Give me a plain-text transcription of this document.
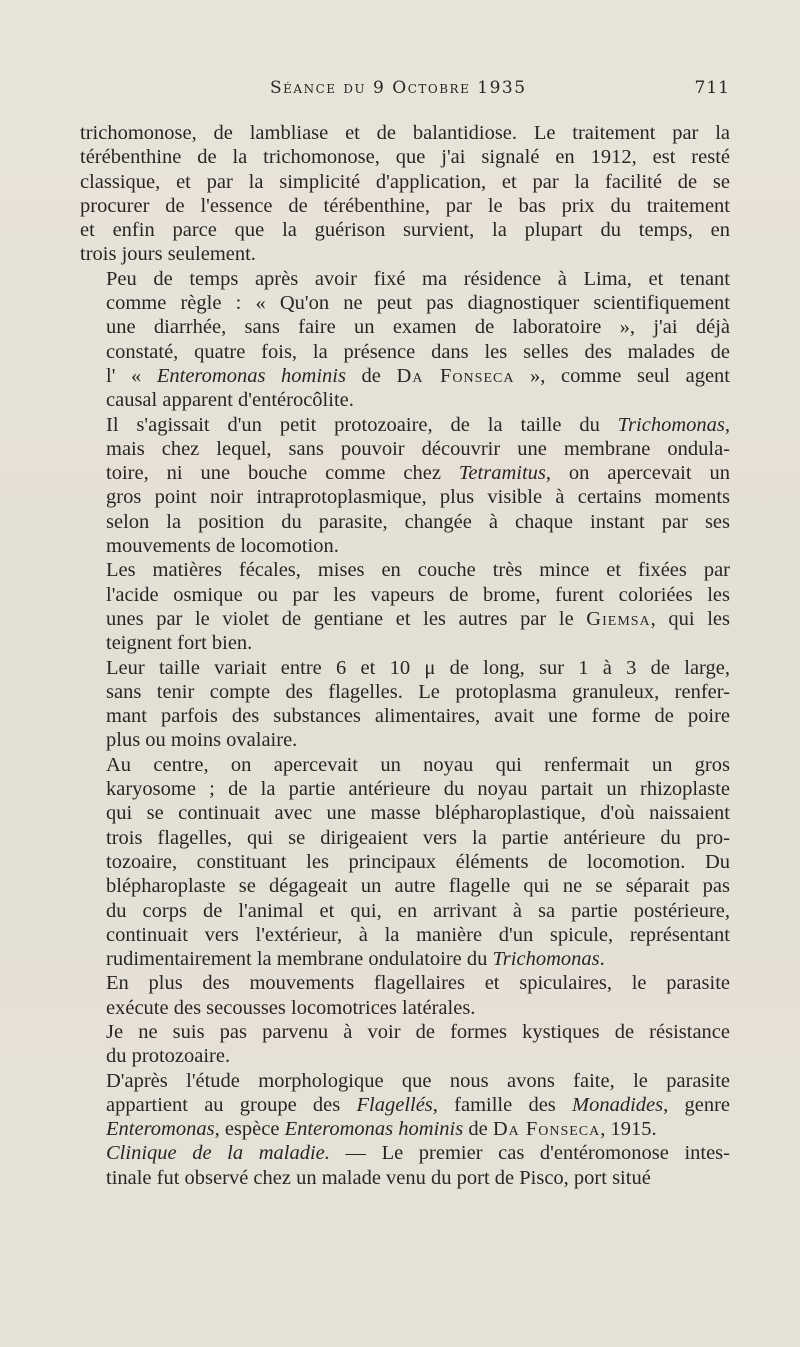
Séance du 9 Octobre 1935	711

trichomonose, de lambliase et de balantidiose. Le traitement par la
térébenthine de la trichomonose, que j'ai signalé en 1912, est resté
classique, et par la simplicité d'application, et par la facilité de se
procurer de l'essence de térébenthine, par le bas prix du traitement
et enfin parce que la guérison survient, la plupart du temps, en
trois jours seulement.

Peu de temps après avoir fixé ma résidence à Lima, et tenant
comme règle : « Qu'on ne peut pas diagnostiquer scientifiquement
une diarrhée, sans faire un examen de laboratoire », j'ai déjà
constaté, quatre fois, la présence dans les selles des malades de
l' « Enteromonas hominis de Da Fonseca », comme seul agent
causal apparent d'entérocôlite.

Il s'agissait d'un petit protozoaire, de la taille du Trichomonas,
mais chez lequel, sans pouvoir découvrir une membrane ondula-
toire, ni une bouche comme chez Tetramitus, on apercevait un
gros point noir intraprotoplasmique, plus visible à certains moments
selon la position du parasite, changée à chaque instant par ses
mouvements de locomotion.

Les matières fécales, mises en couche très mince et fixées par
l'acide osmique ou par les vapeurs de brome, furent coloriées les
unes par le violet de gentiane et les autres par le Giemsa, qui les
teignent fort bien.

Leur taille variait entre 6 et 10 μ de long, sur 1 à 3 de large,
sans tenir compte des flagelles. Le protoplasma granuleux, renfer-
mant parfois des substances alimentaires, avait une forme de poire
plus ou moins ovalaire.

Au centre, on apercevait un noyau qui renfermait un gros
karyosome ; de la partie antérieure du noyau partait un rhizoplaste
qui se continuait avec une masse blépharoplastique, d'où naissaient
trois flagelles, qui se dirigeaient vers la partie antérieure du pro-
tozoaire, constituant les principaux éléments de locomotion. Du
blépharoplaste se dégageait un autre flagelle qui ne se séparait pas
du corps de l'animal et qui, en arrivant à sa partie postérieure,
continuait vers l'extérieur, à la manière d'un spicule, représentant
rudimentairement la membrane ondulatoire du Trichomonas.

En plus des mouvements flagellaires et spiculaires, le parasite
exécute des secousses locomotrices latérales.

Je ne suis pas parvenu à voir de formes kystiques de résistance
du protozoaire.

D'après l'étude morphologique que nous avons faite, le parasite
appartient au groupe des Flagellés, famille des Monadides, genre
Enteromonas, espèce Enteromonas hominis de Da Fonseca, 1915.

Clinique de la maladie. — Le premier cas d'entéromonose intes-
tinale fut observé chez un malade venu du port de Pisco, port situé
